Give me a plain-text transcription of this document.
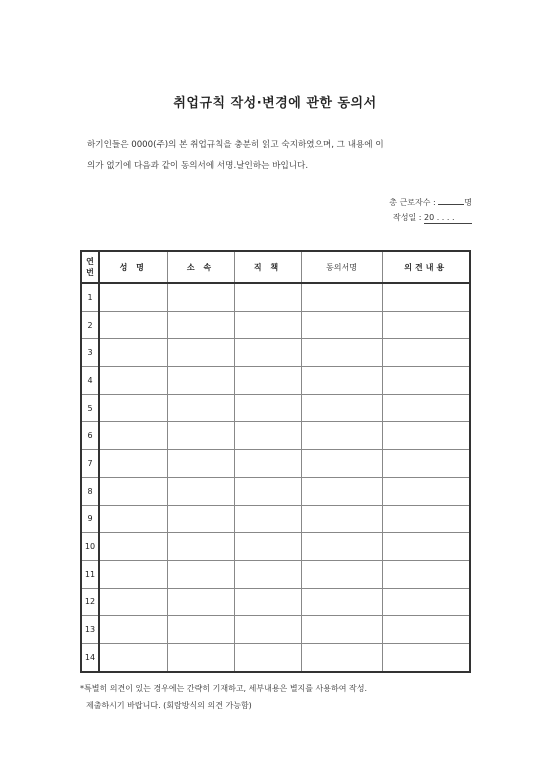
취업규칙 작성·변경에 관한 동의서
하기인들은 0000(주)의 본 취업규칙을 충분히 읽고 숙지하였으며, 그 내용에 이
의가 없기에 다음과 같이 동의서에 서명.날인하는 바입니다.
총 근로자수 :	명
작성일 : 20 . . . .
연
번	성 명	소 속	직 책	동의서명	의견내용
1					
2					
3					
4					
5					
6					
7					
8					
9					
10					
11					
12					
13					
14					
*특별히 의견이 있는 경우에는 간략히 기재하고, 세부내용은 별지를 사용하여 작성.
제출하시기 바랍니다. (회람방식의 의견 가능함)
